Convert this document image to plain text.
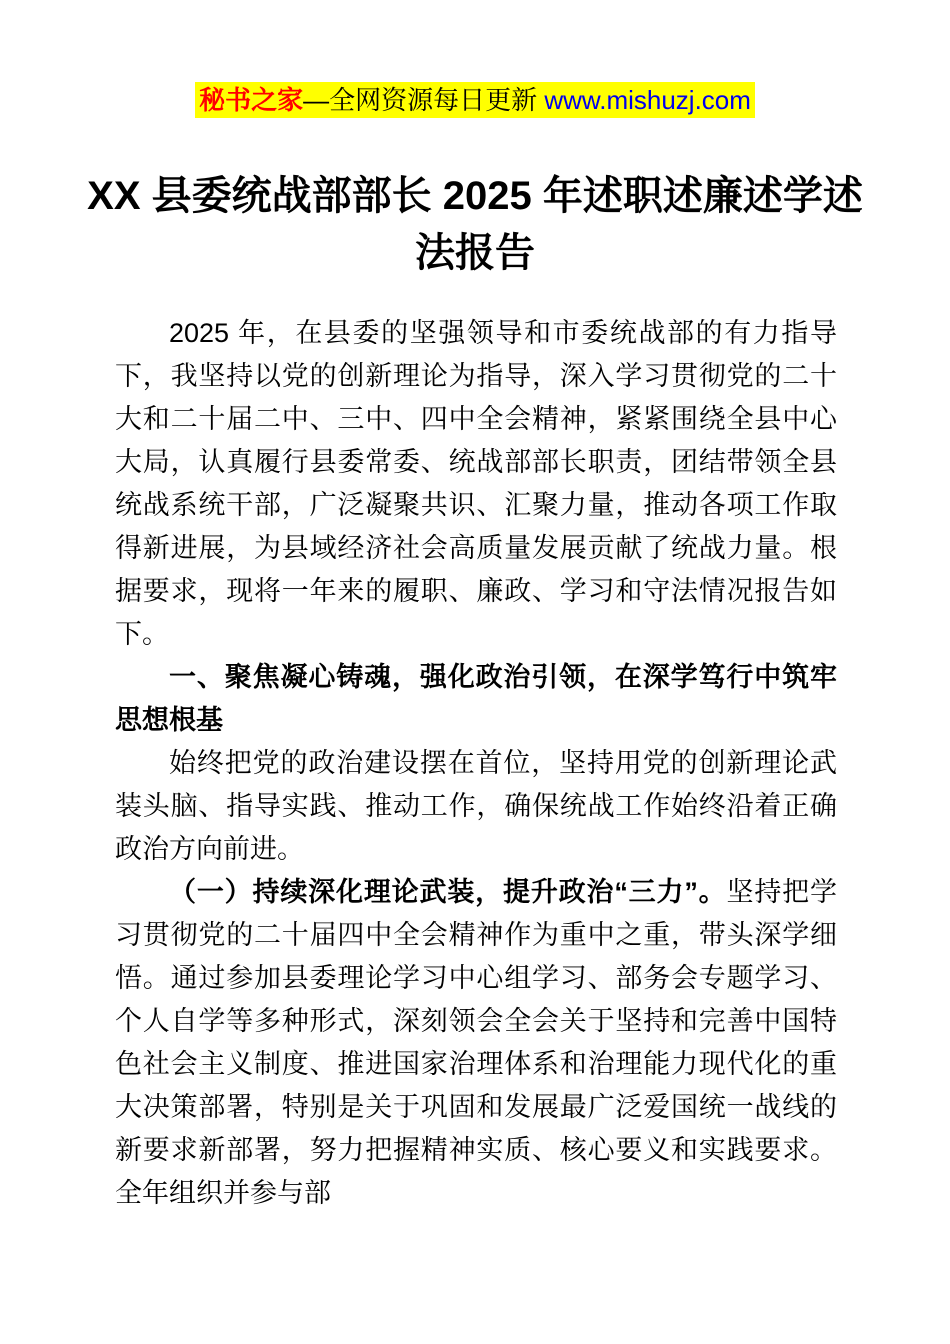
秘书之家—全网资源每日更新 www.mishuzj.com
XX 县委统战部部长 2025 年述职述廉述学述
法报告

2025 年，在县委的坚强领导和市委统战部的有力指导下，我坚持以党的创新理论为指导，深入学习贯彻党的二十大和二十届二中、三中、四中全会精神，紧紧围绕全县中心大局，认真履行县委常委、统战部部长职责，团结带领全县统战系统干部，广泛凝聚共识、汇聚力量，推动各项工作取得新进展，为县域经济社会高质量发展贡献了统战力量。根据要求，现将一年来的履职、廉政、学习和守法情况报告如下。

一、聚焦凝心铸魂，强化政治引领，在深学笃行中筑牢思想根基

始终把党的政治建设摆在首位，坚持用党的创新理论武装头脑、指导实践、推动工作，确保统战工作始终沿着正确政治方向前进。

（一）持续深化理论武装，提升政治“三力”。坚持把学习贯彻党的二十届四中全会精神作为重中之重，带头深学细悟。通过参加县委理论学习中心组学习、部务会专题学习、个人自学等多种形式，深刻领会全会关于坚持和完善中国特色社会主义制度、推进国家治理体系和治理能力现代化的重大决策部署，特别是关于巩固和发展最广泛爱国统一战线的新要求新部署，努力把握精神实质、核心要义和实践要求。全年组织并参与部
